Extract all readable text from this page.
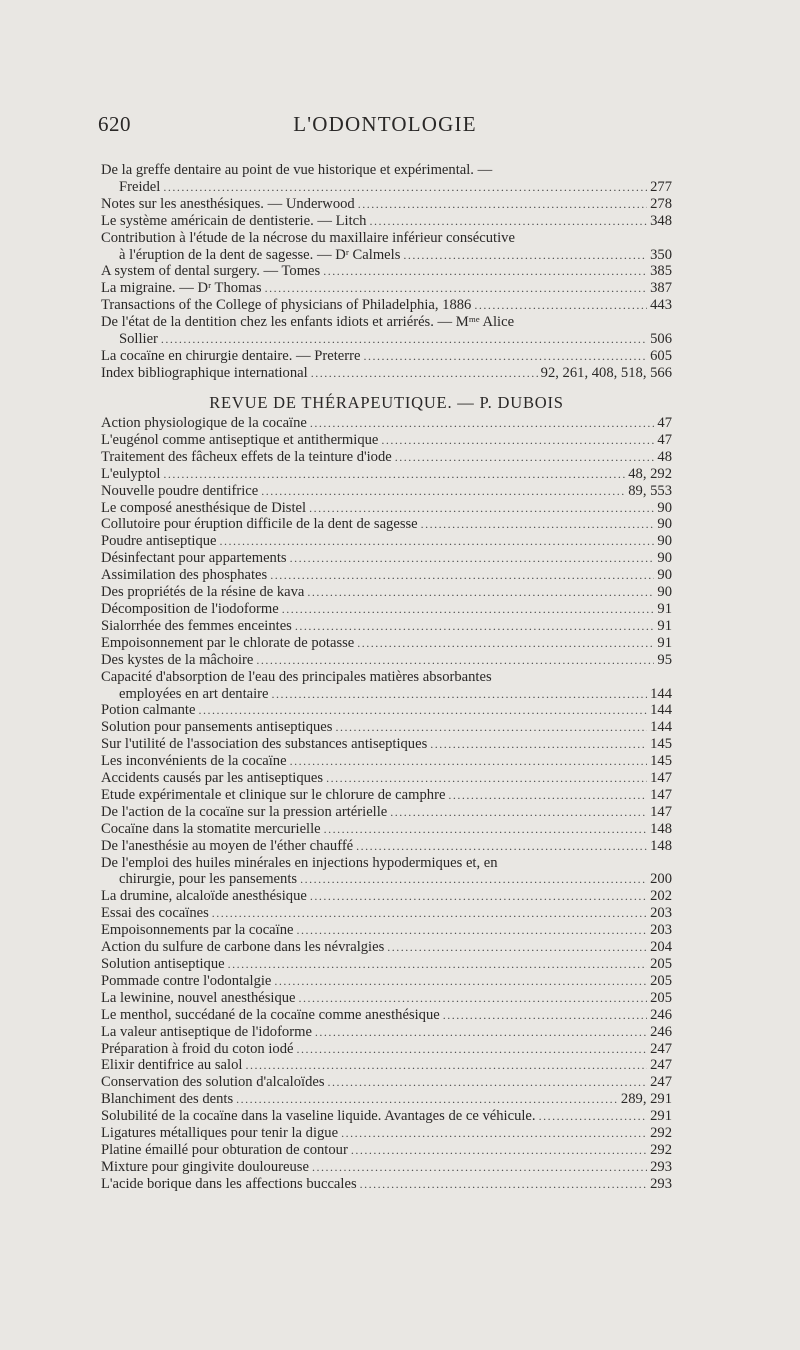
620	L'ODONTOLOGIE
De la greffe dentaire au point de vue historique et expérimental. —
Freidel .....	277
Notes sur les anesthésiques. — Underwood .....	278
Le système américain de dentisterie. — Litch .....	348
Contribution à l'étude de la nécrose du maxillaire inférieur consécutive
à l'éruption de la dent de sagesse. — Dʳ Calmels .....	350
A system of dental surgery. — Tomes .....	385
La migraine. — Dʳ Thomas .....	387
Transactions of the College of physicians of Philadelphia, 1886 .....	443
De l'état de la dentition chez les enfants idiots et arriérés. — Mᵐᵉ Alice
Sollier .....	506
La cocaïne en chirurgie dentaire. — Preterre .....	605
Index bibliographique international .....	92, 261, 408, 518, 566
REVUE DE THÉRAPEUTIQUE. — P. DUBOIS
Action physiologique de la cocaïne .....	47
L'eugénol comme antiseptique et antithermique .....	47
Traitement des fâcheux effets de la teinture d'iode .....	48
L'eulyptol .....	48, 292
Nouvelle poudre dentifrice .....	89, 553
Le composé anesthésique de Distel .....	90
Collutoire pour éruption difficile de la dent de sagesse .....	90
Poudre antiseptique .....	90
Désinfectant pour appartements .....	90
Assimilation des phosphates .....	90
Des propriétés de la résine de kava .....	90
Décomposition de l'iodoforme .....	91
Sialorrhée des femmes enceintes .....	91
Empoisonnement par le chlorate de potasse .....	91
Des kystes de la mâchoire .....	95
Capacité d'absorption de l'eau des principales matières absorbantes
employées en art dentaire .....	144
Potion calmante .....	144
Solution pour pansements antiseptiques .....	144
Sur l'utilité de l'association des substances antiseptiques .....	145
Les inconvénients de la cocaïne .....	145
Accidents causés par les antiseptiques .....	147
Etude expérimentale et clinique sur le chlorure de camphre .....	147
De l'action de la cocaïne sur la pression artérielle .....	147
Cocaïne dans la stomatite mercurielle .....	148
De l'anesthésie au moyen de l'éther chauffé .....	148
De l'emploi des huiles minérales en injections hypodermiques et, en
chirurgie, pour les pansements .....	200
La drumine, alcaloïde anesthésique .....	202
Essai des cocaïnes .....	203
Empoisonnements par la cocaïne .....	203
Action du sulfure de carbone dans les névralgies .....	204
Solution antiseptique .....	205
Pommade contre l'odontalgie .....	205
La lewinine, nouvel anesthésique .....	205
Le menthol, succédané de la cocaïne comme anesthésique .....	246
La valeur antiseptique de l'idoforme .....	246
Préparation à froid du coton iodé .....	247
Elixir dentifrice au salol .....	247
Conservation des solution d'alcaloïdes .....	247
Blanchiment des dents .....	289, 291
Solubilité de la cocaïne dans la vaseline liquide. Avantages de ce véhicule. .....	291
Ligatures métalliques pour tenir la digue .....	292
Platine émaillé pour obturation de contour .....	292
Mixture pour gingivite douloureuse .....	293
L'acide borique dans les affections buccales .....	293
